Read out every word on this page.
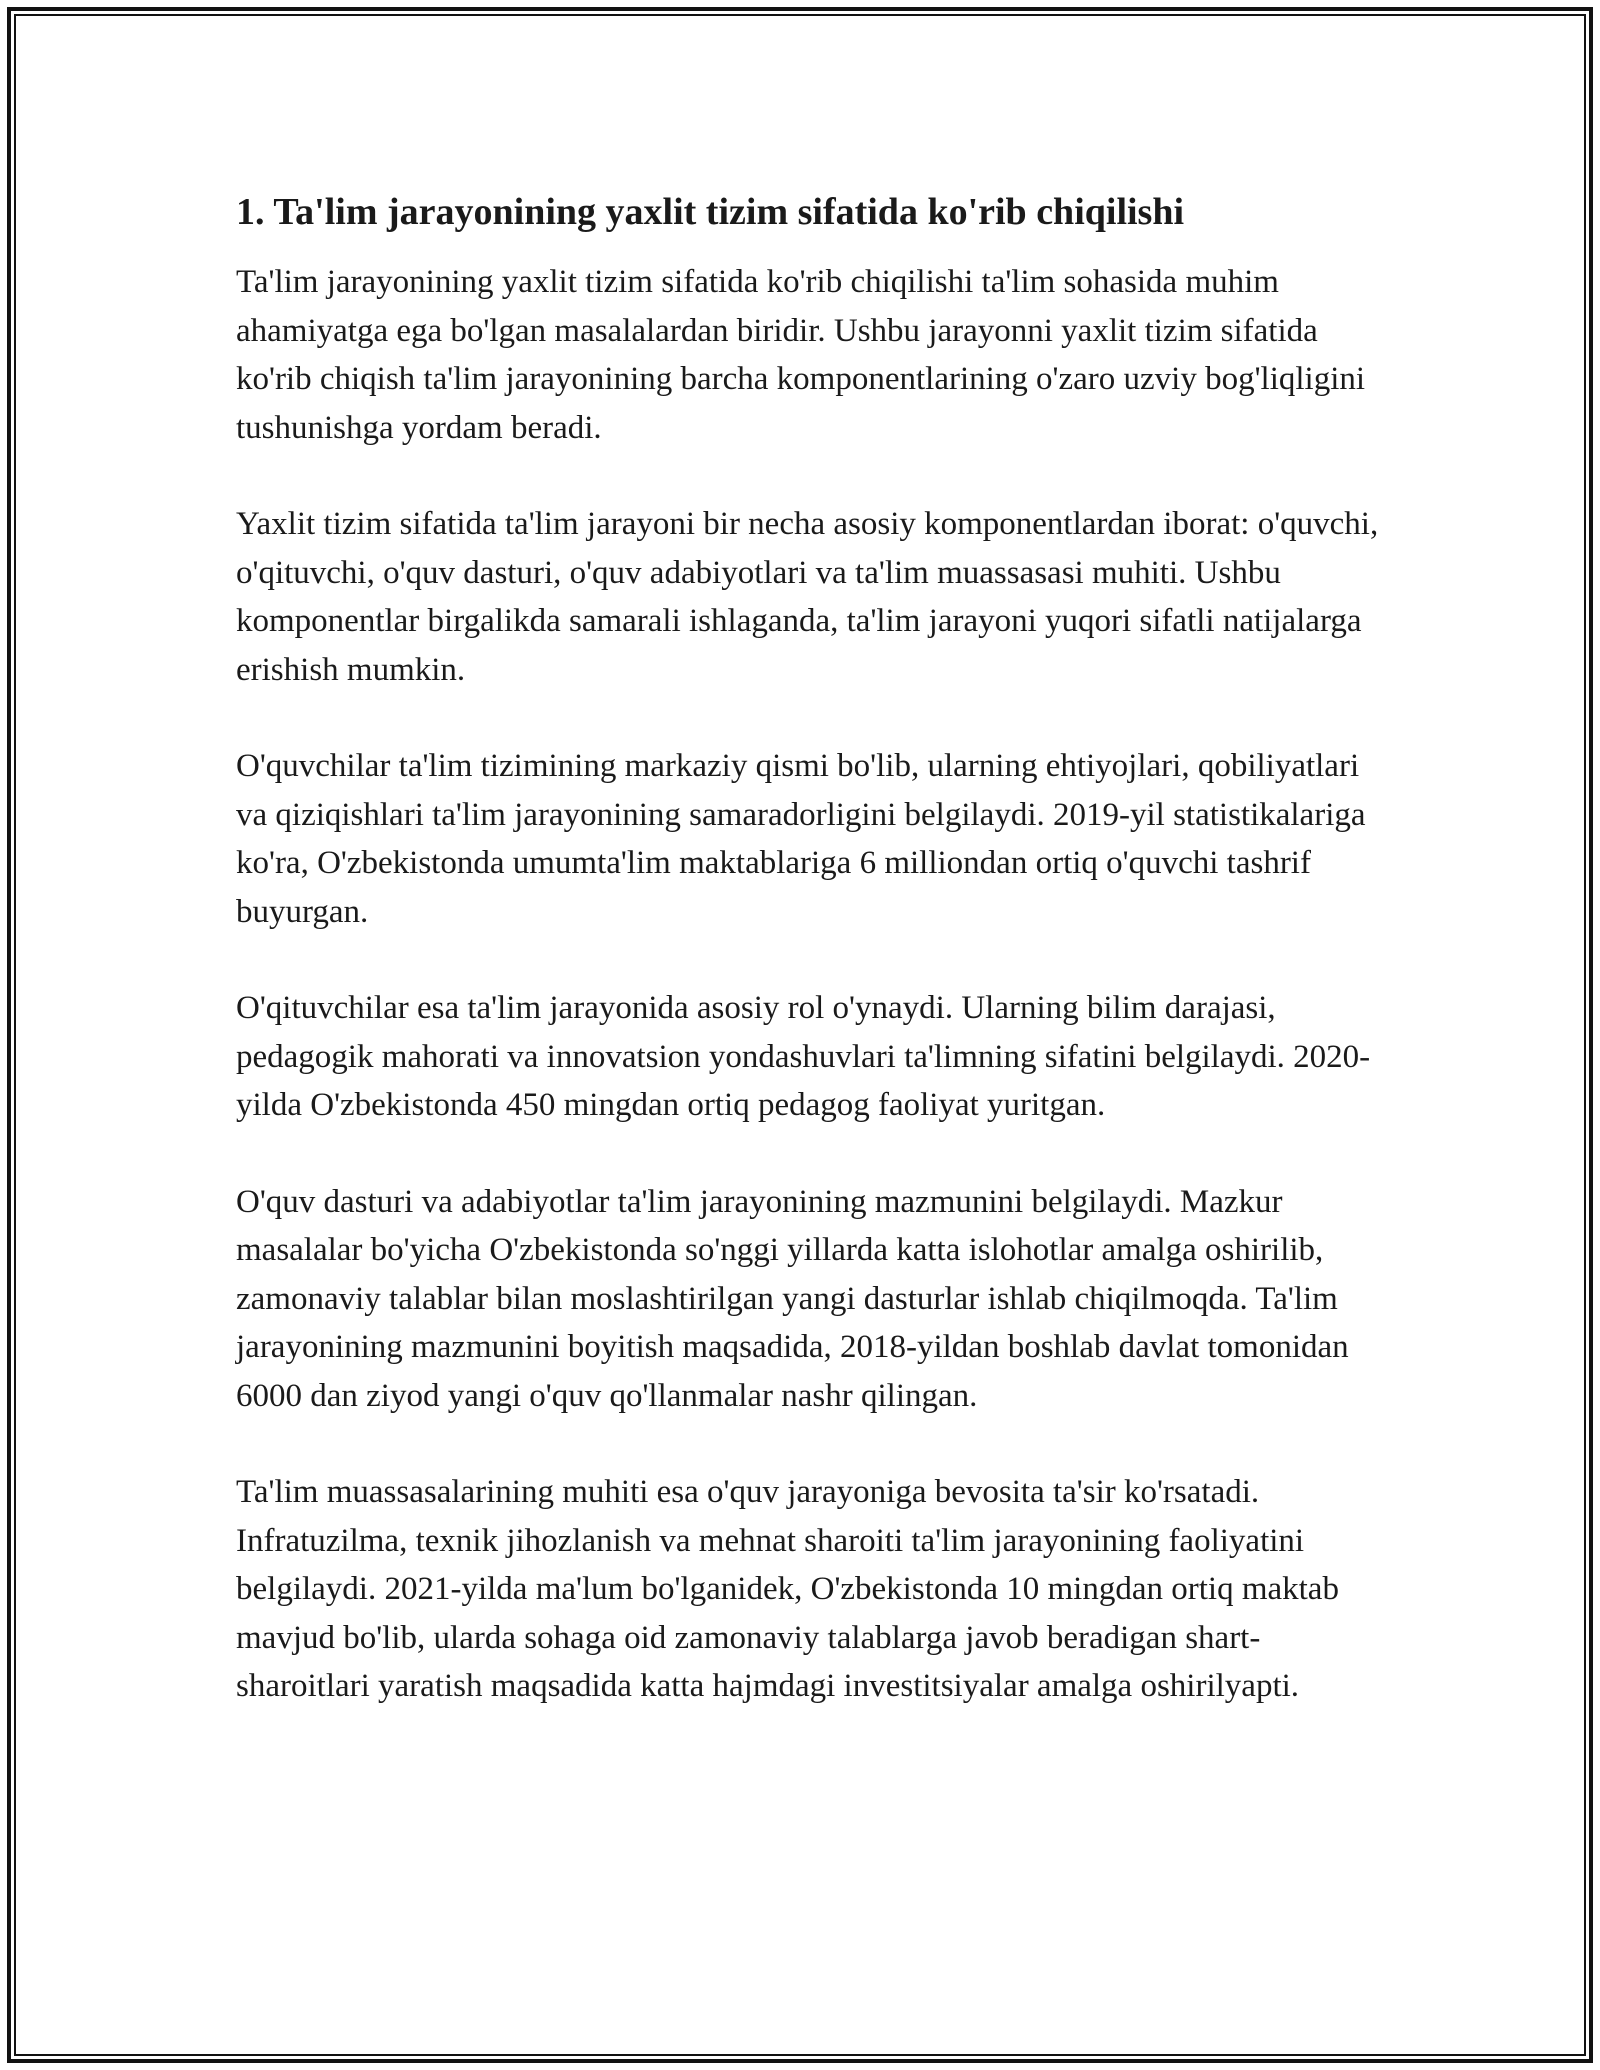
1. Ta'lim jarayonining yaxlit tizim sifatida ko'rib chiqilishi

Ta'lim jarayonining yaxlit tizim sifatida ko'rib chiqilishi ta'lim sohasida muhim ahamiyatga ega bo'lgan masalalardan biridir. Ushbu jarayonni yaxlit tizim sifatida ko'rib chiqish ta'lim jarayonining barcha komponentlarining o'zaro uzviy bog'liqligini tushunishga yordam beradi.

Yaxlit tizim sifatida ta'lim jarayoni bir necha asosiy komponentlardan iborat: o'quvchi, o'qituvchi, o'quv dasturi, o'quv adabiyotlari va ta'lim muassasasi muhiti. Ushbu komponentlar birgalikda samarali ishlaganda, ta'lim jarayoni yuqori sifatli natijalarga erishish mumkin.

O'quvchilar ta'lim tizimining markaziy qismi bo'lib, ularning ehtiyojlari, qobiliyatlari va qiziqishlari ta'lim jarayonining samaradorligini belgilaydi. 2019-yil statistikalariga ko'ra, O'zbekistonda umumta'lim maktablariga 6 milliondan ortiq o'quvchi tashrif buyurgan.

O'qituvchilar esa ta'lim jarayonida asosiy rol o'ynaydi. Ularning bilim darajasi, pedagogik mahorati va innovatsion yondashuvlari ta'limning sifatini belgilaydi. 2020-yilda O'zbekistonda 450 mingdan ortiq pedagog faoliyat yuritgan.

O'quv dasturi va adabiyotlar ta'lim jarayonining mazmunini belgilaydi. Mazkur masalalar bo'yicha O'zbekistonda so'nggi yillarda katta islohotlar amalga oshirilib, zamonaviy talablar bilan moslashtirilgan yangi dasturlar ishlab chiqilmoqda. Ta'lim jarayonining mazmunini boyitish maqsadida, 2018-yildan boshlab davlat tomonidan 6000 dan ziyod yangi o'quv qo'llanmalar nashr qilingan.

Ta'lim muassasalarining muhiti esa o'quv jarayoniga bevosita ta'sir ko'rsatadi. Infratuzilma, texnik jihozlanish va mehnat sharoiti ta'lim jarayonining faoliyatini belgilaydi. 2021-yilda ma'lum bo'lganidek, O'zbekistonda 10 mingdan ortiq maktab mavjud bo'lib, ularda sohaga oid zamonaviy talablarga javob beradigan shart-sharoitlari yaratish maqsadida katta hajmdagi investitsiyalar amalga oshirilyapti.
